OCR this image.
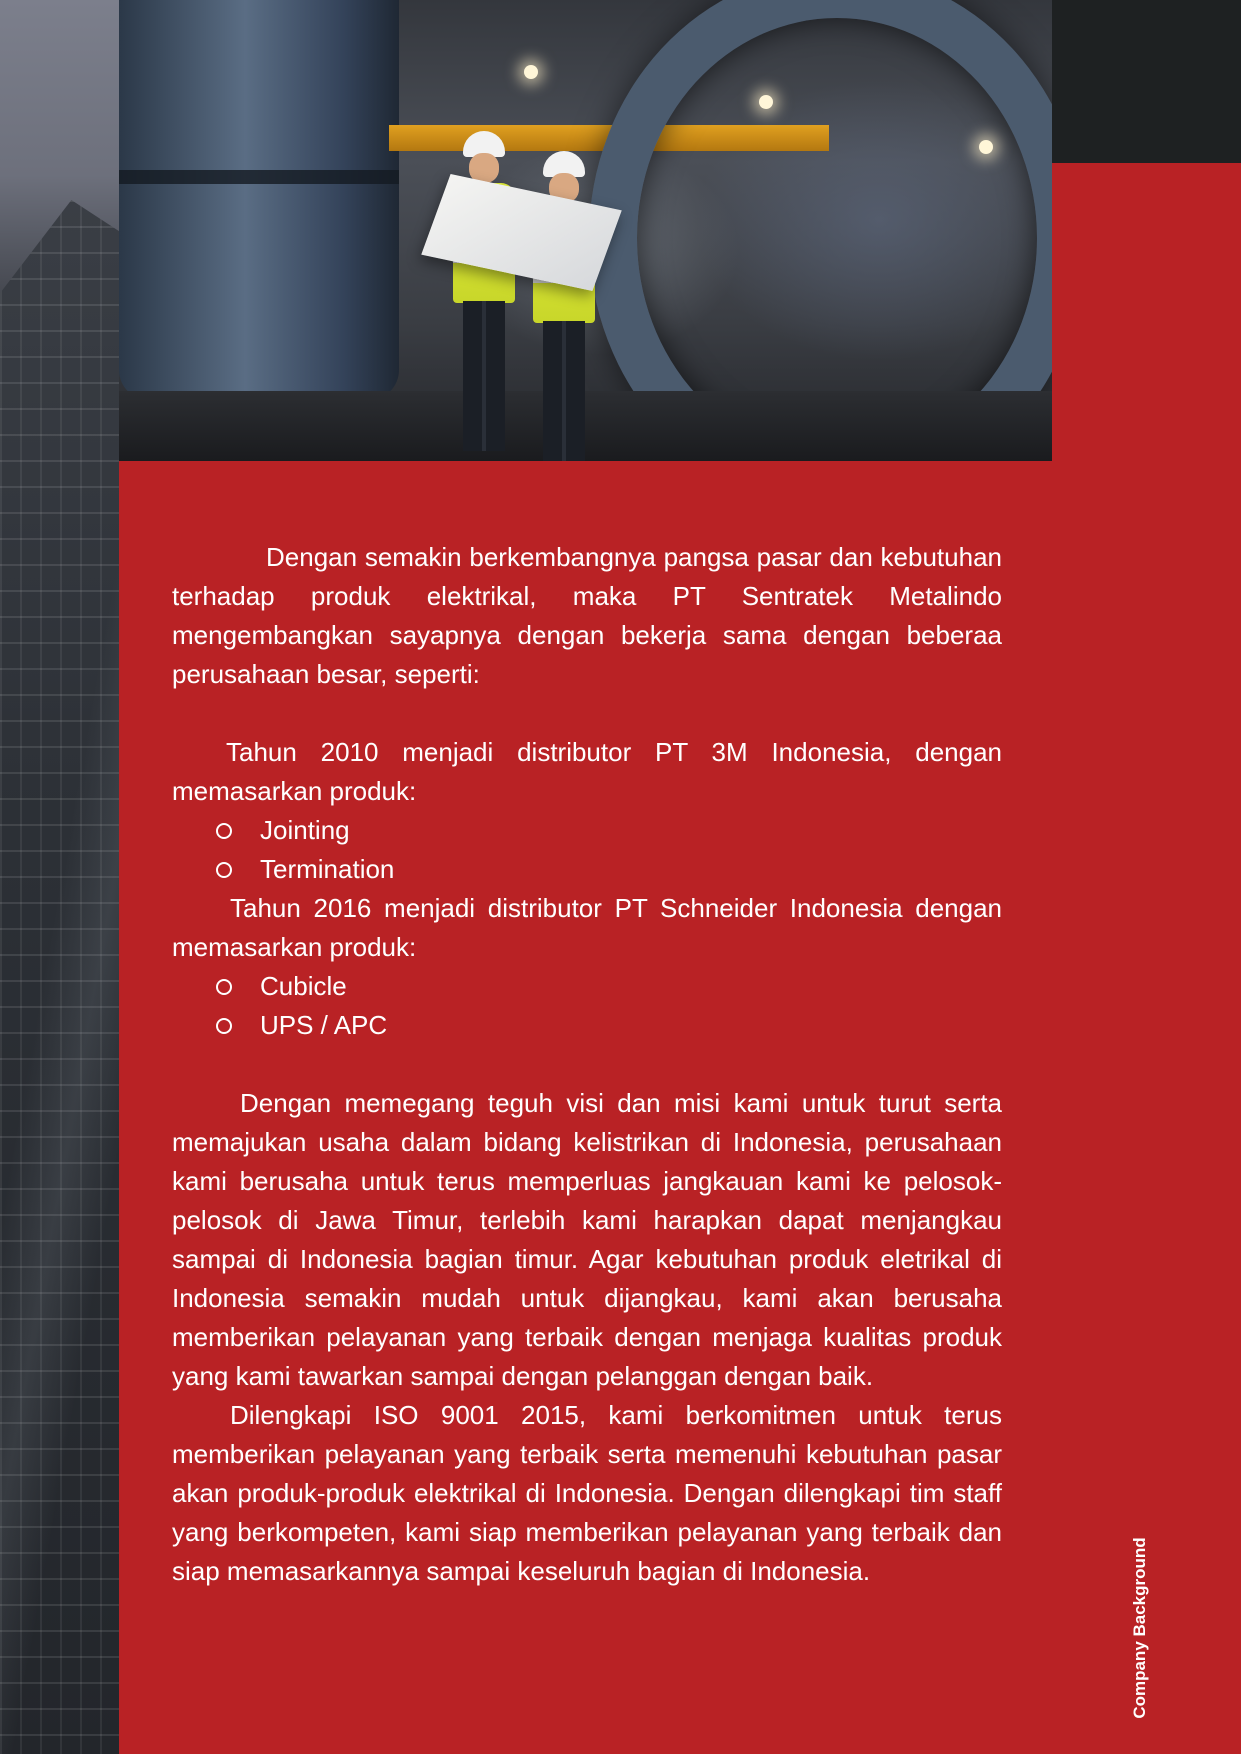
Dengan semakin berkembangnya pangsa pasar dan kebutuhan terhadap produk elektrikal, maka PT Sentratek Metalindo mengembangkan sayapnya dengan bekerja sama dengan beberaa perusahaan besar, seperti:

Tahun 2010 menjadi distributor PT 3M Indonesia, dengan memasarkan produk:

Jointing
Termination

Tahun 2016 menjadi distributor PT Schneider Indonesia dengan memasarkan produk:

Cubicle
UPS / APC

Dengan memegang teguh visi dan misi kami untuk turut serta memajukan usaha dalam bidang kelistrikan di Indonesia, perusahaan kami berusaha untuk terus memperluas jangkauan kami ke pelosok-pelosok di Jawa Timur, terlebih kami harapkan dapat menjangkau sampai di Indonesia bagian timur. Agar kebutuhan produk eletrikal di Indonesia semakin mudah untuk dijangkau, kami akan berusaha memberikan pelayanan yang terbaik dengan menjaga kualitas produk yang kami tawarkan sampai dengan pelanggan dengan baik.

Dilengkapi ISO 9001 2015, kami berkomitmen untuk terus memberikan pelayanan yang terbaik serta memenuhi kebutuhan pasar akan produk-produk elektrikal di Indonesia. Dengan dilengkapi tim staff yang berkompeten, kami siap memberikan pelayanan yang terbaik dan siap memasarkannya sampai keseluruh bagian di Indonesia.	Company Background
